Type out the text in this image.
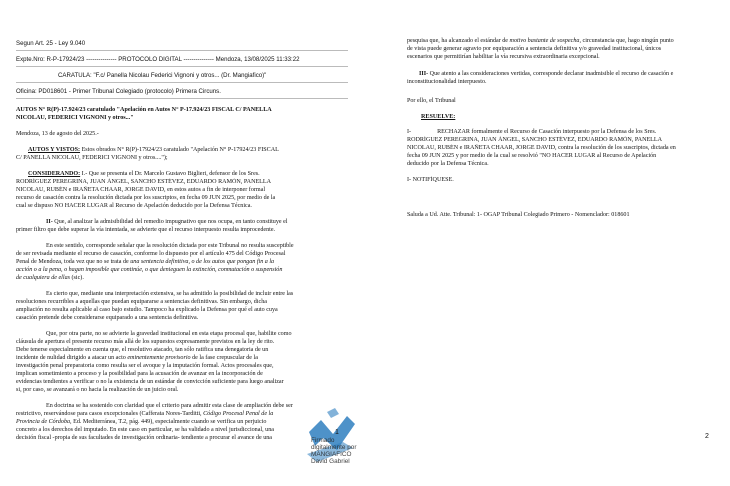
Segun Art. 25 - Ley 9.040
Expte.Nro: R-P-17924/23 --------------- PROTOCOLO DIGITAL --------------- Mendoza, 13/08/2025 11:33:22
CARATULA: "F.c/ Panella Nicolau Federici Vignoni y otros... (Dr. Mangiafico)"
Oficina: PD018601 - Primer Tribunal Colegiado (protocolo) Primera Circuns.
AUTOS N° R(P)-17.924/23 caratulado "Apelación en Autos N° P-17.924/23 FISCAL C/ PANELLA
NICOLAU, FEDERICI VIGNONI y otros..."
Mendoza, 13 de agosto del 2025.-
AUTOS Y VISTOS: Estos obrados N° R(P)-17924/23 caratulado "Apelación N° P-17924/23 FISCAL
C/ PANELLA NICOLAU, FEDERICI VIGNONI y otros....");
CONSIDERANDO: I.- Que se presenta el Dr. Marcelo Gustavo Biglieri, defensor de los Sres.
RODRÍGUEZ PEREGRINA, JUAN ÁNGEL, SANCHO ESTÉVEZ, EDUARDO RAMÓN, PANELLA
NICOLAU, RUBÉN e IRAÑETA CHAAR, JORGE DAVID, en estos autos a fin de interponer formal
recurso de casación contra la resolución dictada por los suscriptos, en fecha 09 JUN 2025, por medio de la
cual se dispuso NO HACER LUGAR al Recurso de Apelación deducido por la Defensa Técnica.
II- Que, al analizar la admisibilidad del remedio impugnativo que nos ocupa, en tanto constituye el
primer filtro que debe superar la vía intentada, se advierte que el recurso interpuesto resulta improcedente.
En este sentido, corresponde señalar que la resolución dictada por este Tribunal no resulta susceptible
de ser revisada mediante el recurso de casación, conforme lo dispuesto por el artículo 475 del Código Procesal
Penal de Mendoza, toda vez que no se trata de una sentencia definitiva, o de los autos que pongan fin a la
acción o a la pena, o hagan imposible que continúe, o que denieguen la extinción, conmutación o suspensión
de cualquiera de ellas (sic).
Es cierto que, mediante una interpretación extensiva, se ha admitido la posibilidad de incluir entre las
resoluciones recurribles a aquellas que puedan equipararse a sentencias definitivas. Sin embargo, dicha
ampliación no resulta aplicable al caso bajo estudio. Tampoco ha explicado la Defensa por qué el auto cuya
casación pretende debe considerarse equiparado a una sentencia definitiva.
Que, por otra parte, no se advierte la gravedad institucional en esta etapa procesal que, habilite como
cláusula de apertura el presente recurso más allá de los supuestos expresamente previstos en la ley de rito.
Debe tenerse especialmente en cuenta que, el resolutivo atacado, tan sólo ratifica una denegatoria de un
incidente de nulidad dirigido a atacar un acto eminentemente provisorio de la fase crepuscular de la
investigación penal preparatoria como resulta ser el avoque y la imputación formal. Actos procesales que,
implican sometimiento a proceso y la posibilidad para la acusación de avanzar en la incorporación de
evidencias tendientes a verificar o no la existencia de un estándar de convicción suficiente para luego analizar
si, por caso, se avanzará o no hacia la realización de un juicio oral.
En doctrina se ha sostenido con claridad que el criterio para admitir esta clase de ampliación debe ser
restrictivo, reservándose para casos excepcionales (Cafferata Nores-Tarditti, Código Procesal Penal de la
Provincia de Córdoba, Ed. Mediterránea, T.2, pág. 449), especialmente cuando se verifica un perjuicio
concreto a los derechos del imputado. En este caso en particular, se ha validado a nivel jurisdiccional, una
decisión fiscal -propia de sus facultades de investigación ordinaria- tendiente a procurar el avance de una	Firmado
digitalmente por
MANGIAFICO
David Gabriel
1
pesquisa que, ha alcanzado el estándar de motivo bastante de sospecha, circunstancia que, hago ningún punto
de vista puede generar agravio por equiparación a sentencia definitiva y/o gravedad institucional, únicos
escenarios que permitirían habilitar la vía recursiva extraordinaria excepcional.
III- Que atento a las consideraciones vertidas, corresponde declarar inadmisible el recurso de casación e
inconstitucionalidad interpuesto.
Por ello, el Tribunal
RESUELVE:
I-	RECHAZAR formalmente el Recurso de Casación interpuesto por la Defensa de los Sres.
RODRÍGUEZ PEREGRINA, JUAN ÁNGEL, SANCHO ESTÉVEZ, EDUARDO RAMÓN, PANELLA
NICOLAU, RUBÉN e IRAÑETA CHAAR, JORGE DAVID, contra la resolución de los suscriptos, dictada en
fecha 09 JUN 2025 y por medio de la cual se resolvió "NO HACER LUGAR al Recurso de Apelación
deducido por la Defensa Técnica.
I- NOTIFÍQUESE.
Saluda a Ud. Atte. Tribunal: 1- OGAP Tribunal Colegiado Primero - Nomenclador: 018601
2
